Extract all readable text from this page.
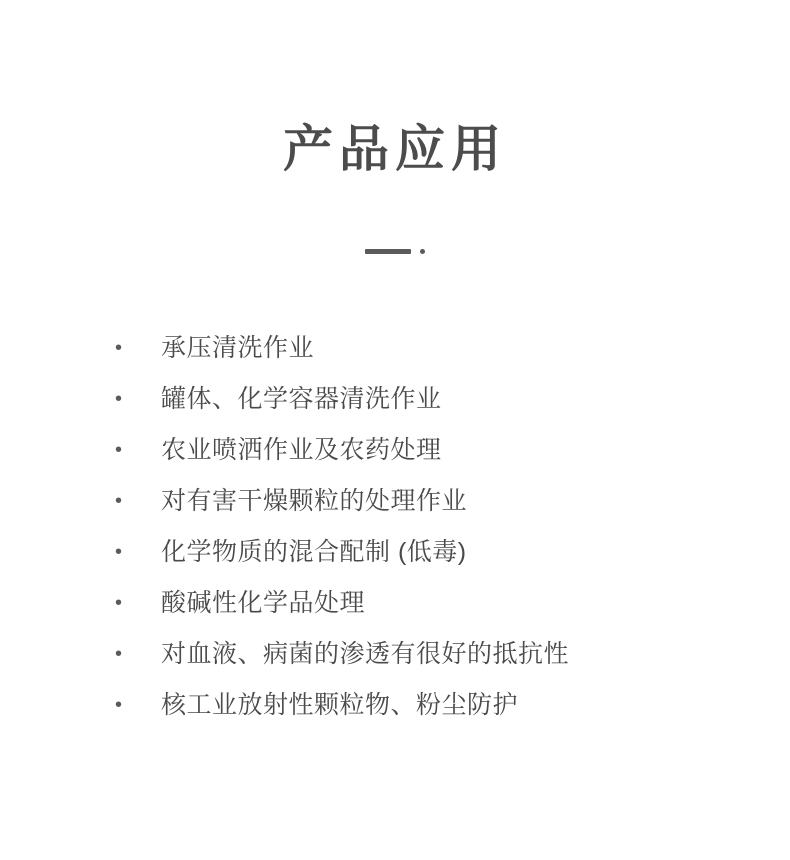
产品应用
•	承压清洗作业
•	罐体、化学容器清洗作业
•	农业喷洒作业及农药处理
•	对有害干燥颗粒的处理作业
•	化学物质的混合配制 (低毒)
•	酸碱性化学品处理
•	对血液、病菌的渗透有很好的抵抗性
•	核工业放射性颗粒物、粉尘防护
